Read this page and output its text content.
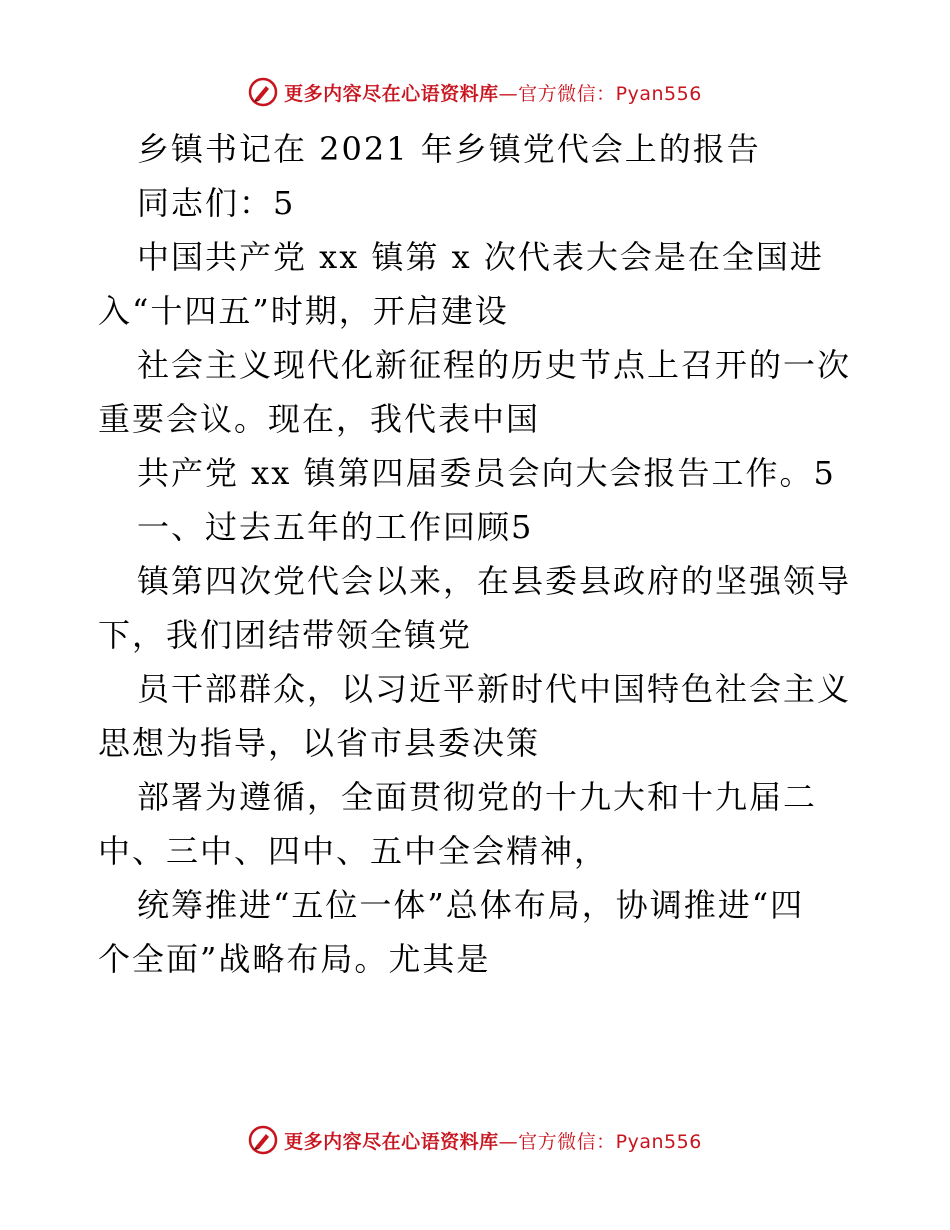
更多内容尽在心语资料库—官方微信：Pyan556
乡镇书记在 2021 年乡镇党代会上的报告
同志们：5
中国共产党 xx 镇第 x 次代表大会是在全国进
入“十四五”时期，开启建设
社会主义现代化新征程的历史节点上召开的一次
重要会议。现在，我代表中国
共产党 xx 镇第四届委员会向大会报告工作。5
一、过去五年的工作回顾5
镇第四次党代会以来，在县委县政府的坚强领导
下，我们团结带领全镇党
员干部群众，以习近平新时代中国特色社会主义
思想为指导，以省市县委决策
部署为遵循，全面贯彻党的十九大和十九届二
中、三中、四中、五中全会精神，
统筹推进“五位一体”总体布局，协调推进“四
个全面”战略布局。尤其是
更多内容尽在心语资料库—官方微信：Pyan556
